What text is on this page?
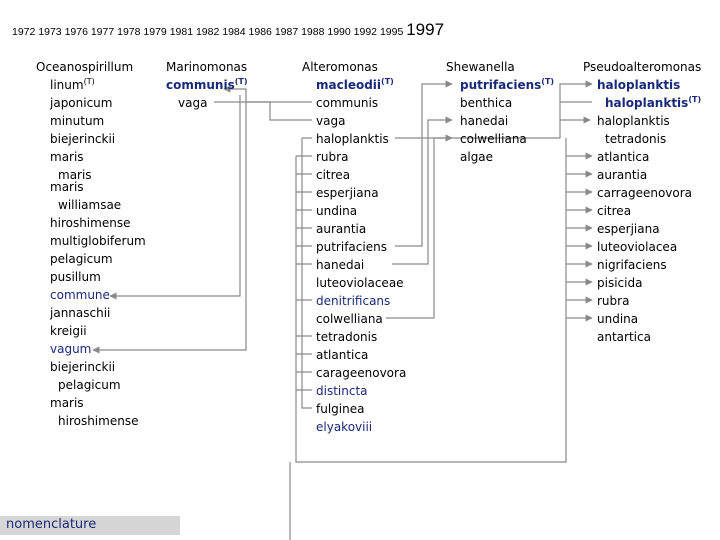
1972 1973 1976 1977 1978 1979 1981 1982 1984 1986 1987 1988 1990 1992 1995 1997
Oceanospirillum
linum$^{(T)}$
japonicum
minutum
biejerinckii
maris
maris
maris
williamsae
hiroshimense
multiglobiferum
pelagicum
pusillum
commune
jannaschii
kreigii
vagum
biejerinckii
pelagicum
maris
hiroshimense
Marinomonas
communis$^{(T)}$
vaga
Alteromonas
macleodii$^{(T)}$
communis
vaga
haloplanktis
rubra
citrea
esperjiana
undina
aurantia
putrifaciens
hanedai
luteoviolaceae
denitrificans
colwelliana
tetradonis
atlantica
carageenovora
distincta
fulginea
elyakoviii
Shewanella
putrifaciens$^{(T)}$
benthica
hanedai
colwelliana
algae
Pseudoalteromonas
haloplanktis
haloplanktis$^{(T)}$
haloplanktis
tetradonis
atlantica
aurantia
carrageenovora
citrea
esperjiana
luteoviolacea
nigrifaciens
pisicida
rubra
undina
antartica
nomenclature
